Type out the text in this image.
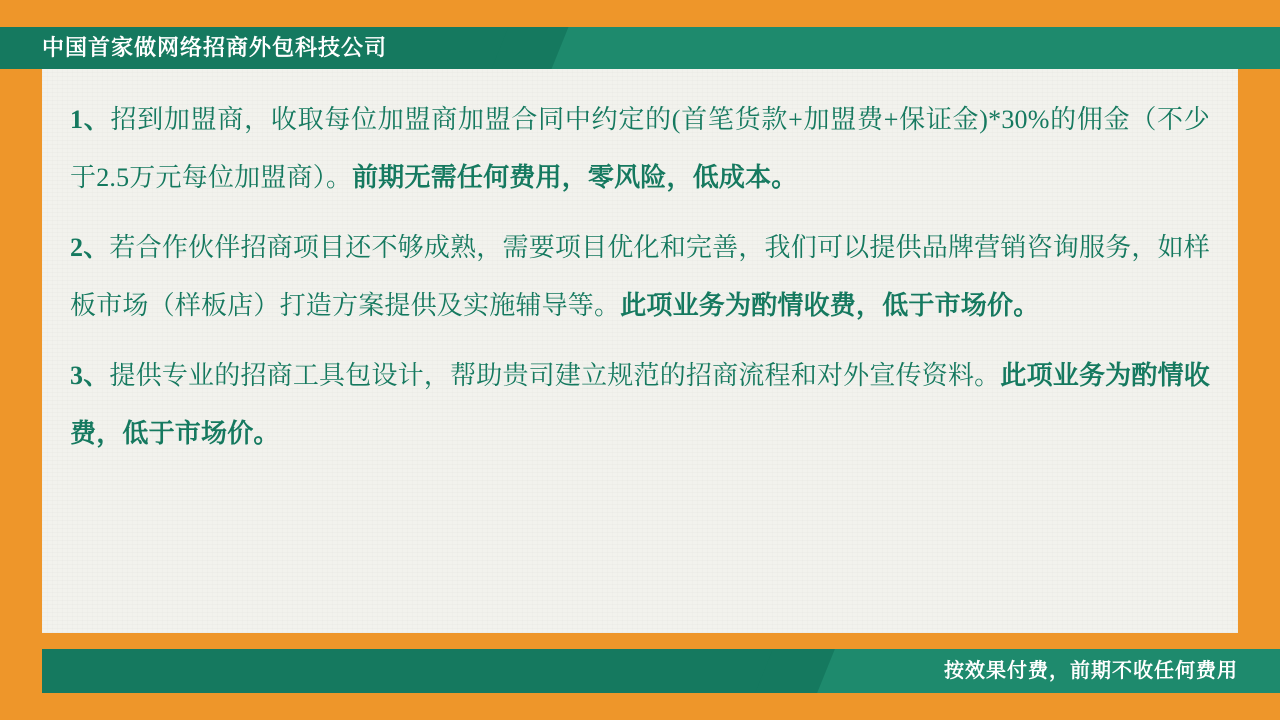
中国首家做网络招商外包科技公司

1、招到加盟商，收取每位加盟商加盟合同中约定的(首笔货款+加盟费+保证金)*30%的佣金（不少于2.5万元每位加盟商）。前期无需任何费用，零风险，低成本。

2、若合作伙伴招商项目还不够成熟，需要项目优化和完善，我们可以提供品牌营销咨询服务，如样板市场（样板店）打造方案提供及实施辅导等。此项业务为酌情收费，低于市场价。

3、提供专业的招商工具包设计，帮助贵司建立规范的招商流程和对外宣传资料。此项业务为酌情收费，低于市场价。

按效果付费，前期不收任何费用
